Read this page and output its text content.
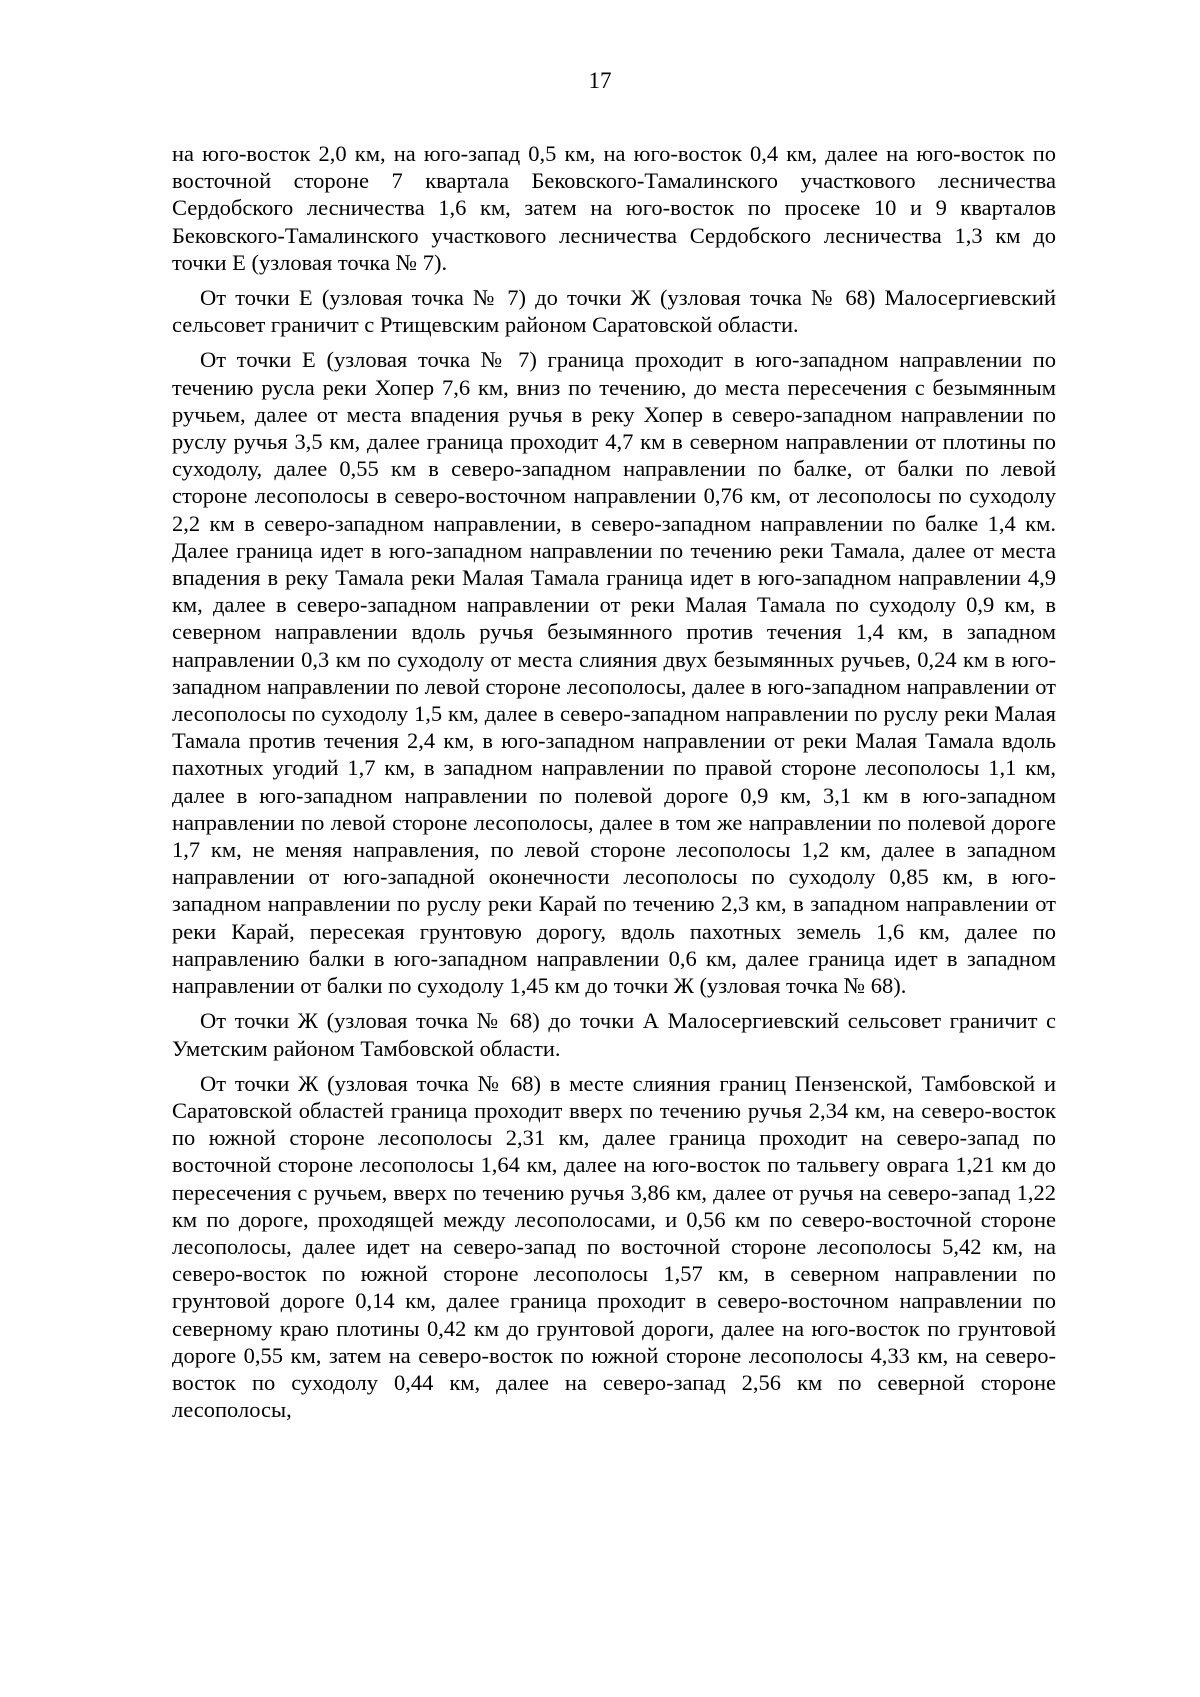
17

на юго-восток 2,0 км, на юго-запад 0,5 км, на юго-восток 0,4 км, далее на юго-восток по восточной стороне 7 квартала Бековского-Тамалинского участкового лесничества Сердобского лесничества 1,6 км, затем на юго-восток по просеке 10 и 9 кварталов Бековского-Тамалинского участкового лесничества Сердобского лесничества 1,3 км до точки Е (узловая точка № 7).

От точки Е (узловая точка № 7) до точки Ж (узловая точка № 68) Малосергиевский сельсовет граничит с Ртищевским районом Саратовской области.

От точки Е (узловая точка № 7) граница проходит в юго-западном направлении по течению русла реки Хопер 7,6 км, вниз по течению, до места пересечения с безымянным ручьем, далее от места впадения ручья в реку Хопер в северо-западном направлении по руслу ручья 3,5 км, далее граница проходит 4,7 км в северном направлении от плотины по суходолу, далее 0,55 км в северо-западном направлении по балке, от балки по левой стороне лесополосы в северо-восточном направлении 0,76 км, от лесополосы по суходолу 2,2 км в северо-западном направлении, в северо-западном направлении по балке 1,4 км. Далее граница идет в юго-западном направлении по течению реки Тамала, далее от места впадения в реку Тамала реки Малая Тамала граница идет в юго-западном направлении 4,9 км, далее в северо-западном направлении от реки Малая Тамала по суходолу 0,9 км, в северном направлении вдоль ручья безымянного против течения 1,4 км, в западном направлении 0,3 км по суходолу от места слияния двух безымянных ручьев, 0,24 км в юго-западном направлении по левой стороне лесополосы, далее в юго-западном направлении от лесополосы по суходолу 1,5 км, далее в северо-западном направлении по руслу реки Малая Тамала против течения 2,4 км, в юго-западном направлении от реки Малая Тамала вдоль пахотных угодий 1,7 км, в западном направлении по правой стороне лесополосы 1,1 км, далее в юго-западном направлении по полевой дороге 0,9 км, 3,1 км в юго-западном направлении по левой стороне лесополосы, далее в том же направлении по полевой дороге 1,7 км, не меняя направления, по левой стороне лесополосы 1,2 км, далее в западном направлении от юго-западной оконечности лесополосы по суходолу 0,85 км, в юго-западном направлении по руслу реки Карай по течению 2,3 км, в западном направлении от реки Карай, пересекая грунтовую дорогу, вдоль пахотных земель 1,6 км, далее по направлению балки в юго-западном направлении 0,6 км, далее граница идет в западном направлении от балки по суходолу 1,45 км до точки Ж (узловая точка № 68).

От точки Ж (узловая точка № 68) до точки А Малосергиевский сельсовет граничит с Уметским районом Тамбовской области.

От точки Ж (узловая точка № 68) в месте слияния границ Пензенской, Тамбовской и Саратовской областей граница проходит вверх по течению ручья 2,34 км, на северо-восток по южной стороне лесополосы 2,31 км, далее граница проходит на северо-запад по восточной стороне лесополосы 1,64 км, далее на юго-восток по тальвегу оврага 1,21 км до пересечения с ручьем, вверх по течению ручья 3,86 км, далее от ручья на северо-запад 1,22 км по дороге, проходящей между лесополосами, и 0,56 км по северо-восточной стороне лесополосы, далее идет на северо-запад по восточной стороне лесополосы 5,42 км, на северо-восток по южной стороне лесополосы 1,57 км, в северном направлении по грунтовой дороге 0,14 км, далее граница проходит в северо-восточном направлении по северному краю плотины 0,42 км до грунтовой дороги, далее на юго-восток по грунтовой дороге 0,55 км, затем на северо-восток по южной стороне лесополосы 4,33 км, на северо-восток по суходолу 0,44 км, далее на северо-запад 2,56 км по северной стороне лесополосы,
